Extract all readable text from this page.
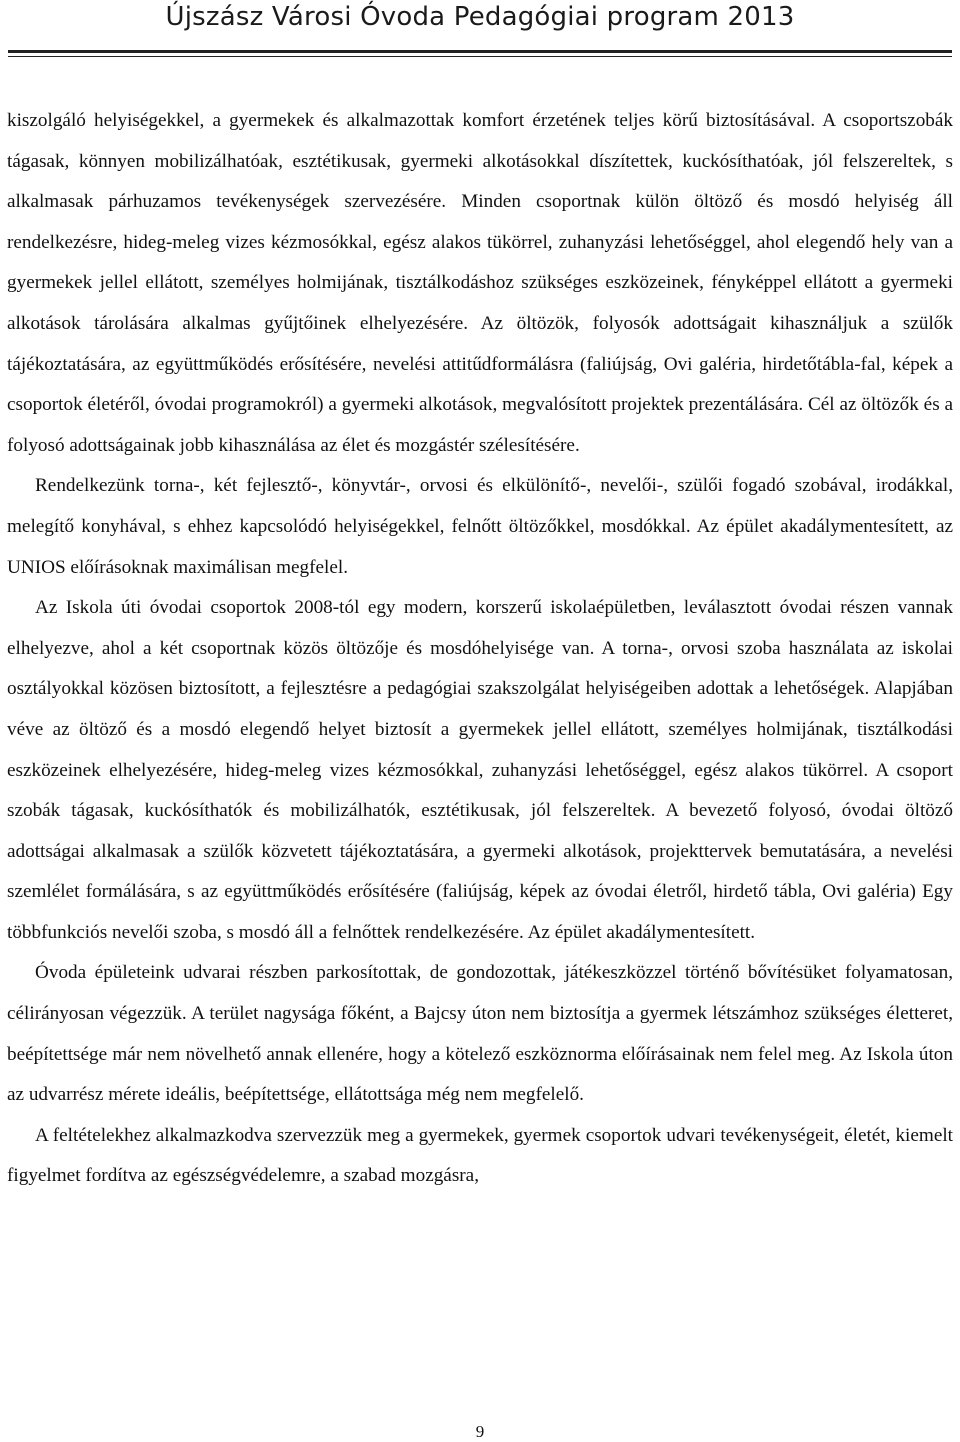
Újszász Városi Óvoda Pedagógiai program 2013

kiszolgáló helyiségekkel, a gyermekek és alkalmazottak komfort érzetének teljes körű biztosításával. A csoportszobák tágasak, könnyen mobilizálhatóak, esztétikusak, gyermeki alkotásokkal díszítettek, kuckósíthatóak, jól felszereltek, s alkalmasak párhuzamos tevékenységek szervezésére. Minden csoportnak külön öltöző és mosdó helyiség áll rendelkezésre, hideg-meleg vizes kézmosókkal, egész alakos tükörrel, zuhanyzási lehetőséggel, ahol elegendő hely van a gyermekek jellel ellátott, személyes holmijának, tisztálkodáshoz szükséges eszközeinek, fényképpel ellátott a gyermeki alkotások tárolására alkalmas gyűjtőinek elhelyezésére. Az öltözök, folyosók adottságait kihasználjuk a szülők tájékoztatására, az együttműködés erősítésére, nevelési attitűdformálásra (faliújság, Ovi galéria, hirdetőtábla-fal, képek a csoportok életéről, óvodai programokról) a gyermeki alkotások, megvalósított projektek prezentálására. Cél az öltözők és a folyosó adottságainak jobb kihasználása az élet és mozgástér szélesítésére.

Rendelkezünk torna-, két fejlesztő-, könyvtár-, orvosi és elkülönítő-, nevelői-, szülői fogadó szobával, irodákkal, melegítő konyhával, s ehhez kapcsolódó helyiségekkel, felnőtt öltözőkkel, mosdókkal. Az épület akadálymentesített, az UNIOS előírásoknak maximálisan megfelel.

Az Iskola úti óvodai csoportok 2008-tól egy modern, korszerű iskolaépületben, leválasztott óvodai részen vannak elhelyezve, ahol a két csoportnak közös öltözője és mosdóhelyisége van. A torna-, orvosi szoba használata az iskolai osztályokkal közösen biztosított, a fejlesztésre a pedagógiai szakszolgálat helyiségeiben adottak a lehetőségek. Alapjában véve az öltöző és a mosdó elegendő helyet biztosít a gyermekek jellel ellátott, személyes holmijának, tisztálkodási eszközeinek elhelyezésére, hideg-meleg vizes kézmosókkal, zuhanyzási lehetőséggel, egész alakos tükörrel. A csoport szobák tágasak, kuckósíthatók és mobilizálhatók, esztétikusak, jól felszereltek. A bevezető folyosó, óvodai öltöző adottságai alkalmasak a szülők közvetett tájékoztatására, a gyermeki alkotások, projekttervek bemutatására, a nevelési szemlélet formálására, s az együttműködés erősítésére (faliújság, képek az óvodai életről, hirdető tábla, Ovi galéria) Egy többfunkciós nevelői szoba, s mosdó áll a felnőttek rendelkezésére. Az épület akadálymentesített.

Óvoda épületeink udvarai részben parkosítottak, de gondozottak, játékeszközzel történő bővítésüket folyamatosan, célirányosan végezzük. A terület nagysága főként, a Bajcsy úton nem biztosítja a gyermek létszámhoz szükséges életteret, beépítettsége már nem növelhető annak ellenére, hogy a kötelező eszköznorma előírásainak nem felel meg. Az Iskola úton az udvarrész mérete ideális, beépítettsége, ellátottsága még nem megfelelő.

A feltételekhez alkalmazkodva szervezzük meg a gyermekek, gyermek csoportok udvari tevékenységeit, életét, kiemelt figyelmet fordítva az egészségvédelemre, a szabad mozgásra,

9
